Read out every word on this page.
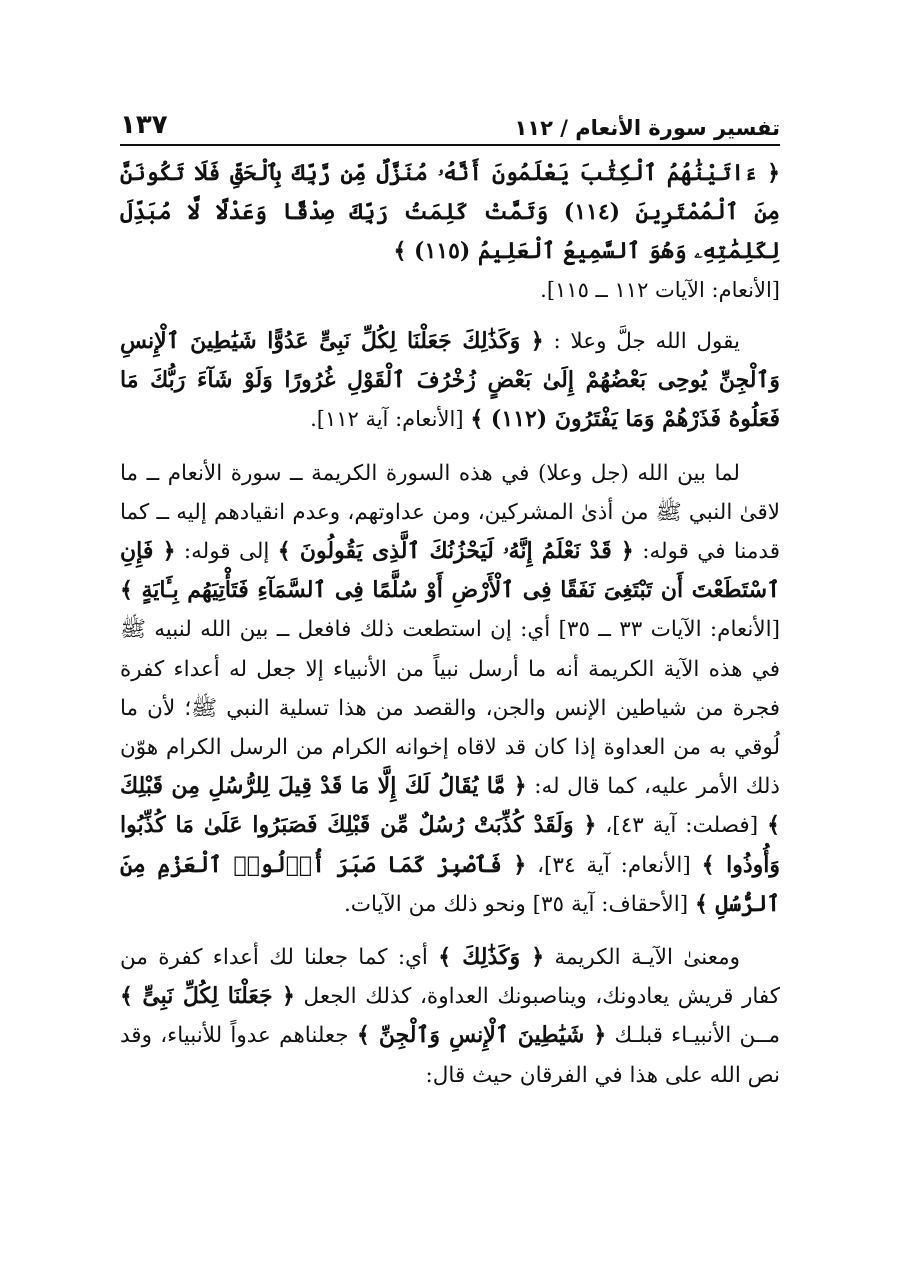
تفسير سورة الأنعام / ١١٢
١٣٧
﴿ ءَاتَيْنَٰهُمُ ٱلْكِتَٰبَ يَعْلَمُونَ أَنَّهُۥ مُنَزَّلٌ مِّن رَّبِّكَ بِٱلْحَقِّ فَلَا تَكُونَنَّ مِنَ ٱلْمُمْتَرِينَ (١١٤) وَتَمَّتْ كَلِمَتُ رَبِّكَ صِدْقًا وَعَدْلًا لَّا مُبَدِّلَ لِكَلِمَٰتِهِۦ وَهُوَ ٱلسَّمِيعُ ٱلْعَلِيمُ (١١٥) ﴾
[الأنعام: الآيات ١١٢ ــ ١١٥].

يقول الله جلَّ وعلا : ﴿ وَكَذَٰلِكَ جَعَلْنَا لِكُلِّ نَبِىٍّ عَدُوًّا شَيَٰطِينَ ٱلْإِنسِ وَٱلْجِنِّ يُوحِى بَعْضُهُمْ إِلَىٰ بَعْضٍ زُخْرُفَ ٱلْقَوْلِ غُرُورًا وَلَوْ شَآءَ رَبُّكَ مَا فَعَلُوهُ فَذَرْهُمْ وَمَا يَفْتَرُونَ (١١٢) ﴾ [الأنعام: آية ١١٢].

لما بين الله (جل وعلا) في هذه السورة الكريمة ــ سورة الأنعام ــ ما لاقىٰ النبي ﷺ من أذىٰ المشركين، ومن عداوتهم، وعدم انقيادهم إليه ــ كما قدمنا في قوله: ﴿ قَدْ نَعْلَمُ إِنَّهُۥ لَيَحْزُنُكَ ٱلَّذِى يَقُولُونَ ﴾ إلى قوله: ﴿ فَإِنِ ٱسْتَطَعْتَ أَن تَبْتَغِىَ نَفَقًا فِى ٱلْأَرْضِ أَوْ سُلَّمًا فِى ٱلسَّمَآءِ فَتَأْتِيَهُم بِـَٔايَةٍ ﴾ [الأنعام: الآيات ٣٣ ــ ٣٥] أي: إن استطعت ذلك فافعل ــ بين الله لنبيه ﷺ في هذه الآية الكريمة أنه ما أرسل نبياً من الأنبياء إلا جعل له أعداء كفرة فجرة من شياطين الإنس والجن، والقصد من هذا تسلية النبي ﷺ؛ لأن ما لُوقي به من العداوة إذا كان قد لاقاه إخوانه الكرام من الرسل الكرام هوّن ذلك الأمر عليه، كما قال له: ﴿ مَّا يُقَالُ لَكَ إِلَّا مَا قَدْ قِيلَ لِلرُّسُلِ مِن قَبْلِكَ ﴾ [فصلت: آية ٤٣]، ﴿ وَلَقَدْ كُذِّبَتْ رُسُلٌ مِّن قَبْلِكَ فَصَبَرُوا عَلَىٰ مَا كُذِّبُوا وَأُوذُوا ﴾ [الأنعام: آية ٣٤]، ﴿ فَٱصْبِرْ كَمَا صَبَرَ أُو۟لُوا۟ ٱلْعَزْمِ مِنَ ٱلرُّسُلِ ﴾ [الأحقاف: آية ٣٥] ونحو ذلك من الآيات.

ومعنىٰ الآيـة الكريمة ﴿ وَكَذَٰلِكَ ﴾ أي: كما جعلنا لك أعداء كفرة من كفار قريش يعادونك، ويناصبونك العداوة، كذلك الجعل ﴿ جَعَلْنَا لِكُلِّ نَبِىٍّ ﴾ مــن الأنبيـاء قبلـك ﴿ شَيَٰطِينَ ٱلْإِنسِ وَٱلْجِنِّ ﴾ جعلناهم عدواً للأنبياء، وقد نص الله على هذا في الفرقان حيث قال:
